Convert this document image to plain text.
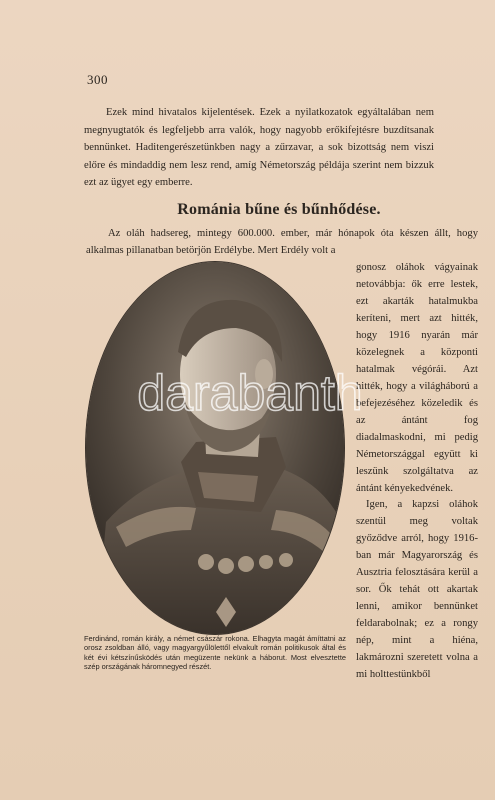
300

Ezek mind hivatalos kijelentések. Ezek a nyilatkozatok egyáltalában nem megnyugtatók és legfeljebb arra valók, hogy nagyobb erőkifejtésre buzdítsanak bennünket. Haditengerészetünkben nagy a zűrzavar, a sok bizottság nem viszi előre és mindaddig nem lesz rend, amíg Németország példája szerint nem bizzuk ezt az ügyet egy emberre.

Románia bűne és bűnhődése.

Az oláh hadsereg, mintegy 600.000. ember, már hónapok óta készen állt, hogy alkalmas pillanatban betörjön Erdélybe. Mert Erdély volt a

gonosz oláhok vágyainak netovábbja: ők erre lestek, ezt akarták hatalmukba keríteni, mert azt hitték, hogy 1916 nyarán már közelegnek a központi hatalmak végórái. Azt hitték, hogy a világháború a befejezéséhez közeledik és az ántánt fog diadalmaskodni, mi pedig Németországgal együtt ki leszünk szolgáltatva az ántánt kényekedvének.

Igen, a kapzsi oláhok szentül meg voltak győződve arról, hogy 1916-ban már Magyarország és Ausztria felosztására kerül a sor. Ők tehát ott akartak lenni, amikor bennünket feldarabolnak; ez a rongy nép, mint a hiéna, lakmározni szeretett volna a mi holttestünkből

Ferdinánd, román király, a német császár rokona. Elhagyta magát ámíttatni az orosz zsoldban álló, vagy magyargyűlölettől elvakult román politikusok által és két évi kétszínűsködés után megüzente nekünk a háborut. Most elvesztette szép országának háromnegyed részét.

darabanth
